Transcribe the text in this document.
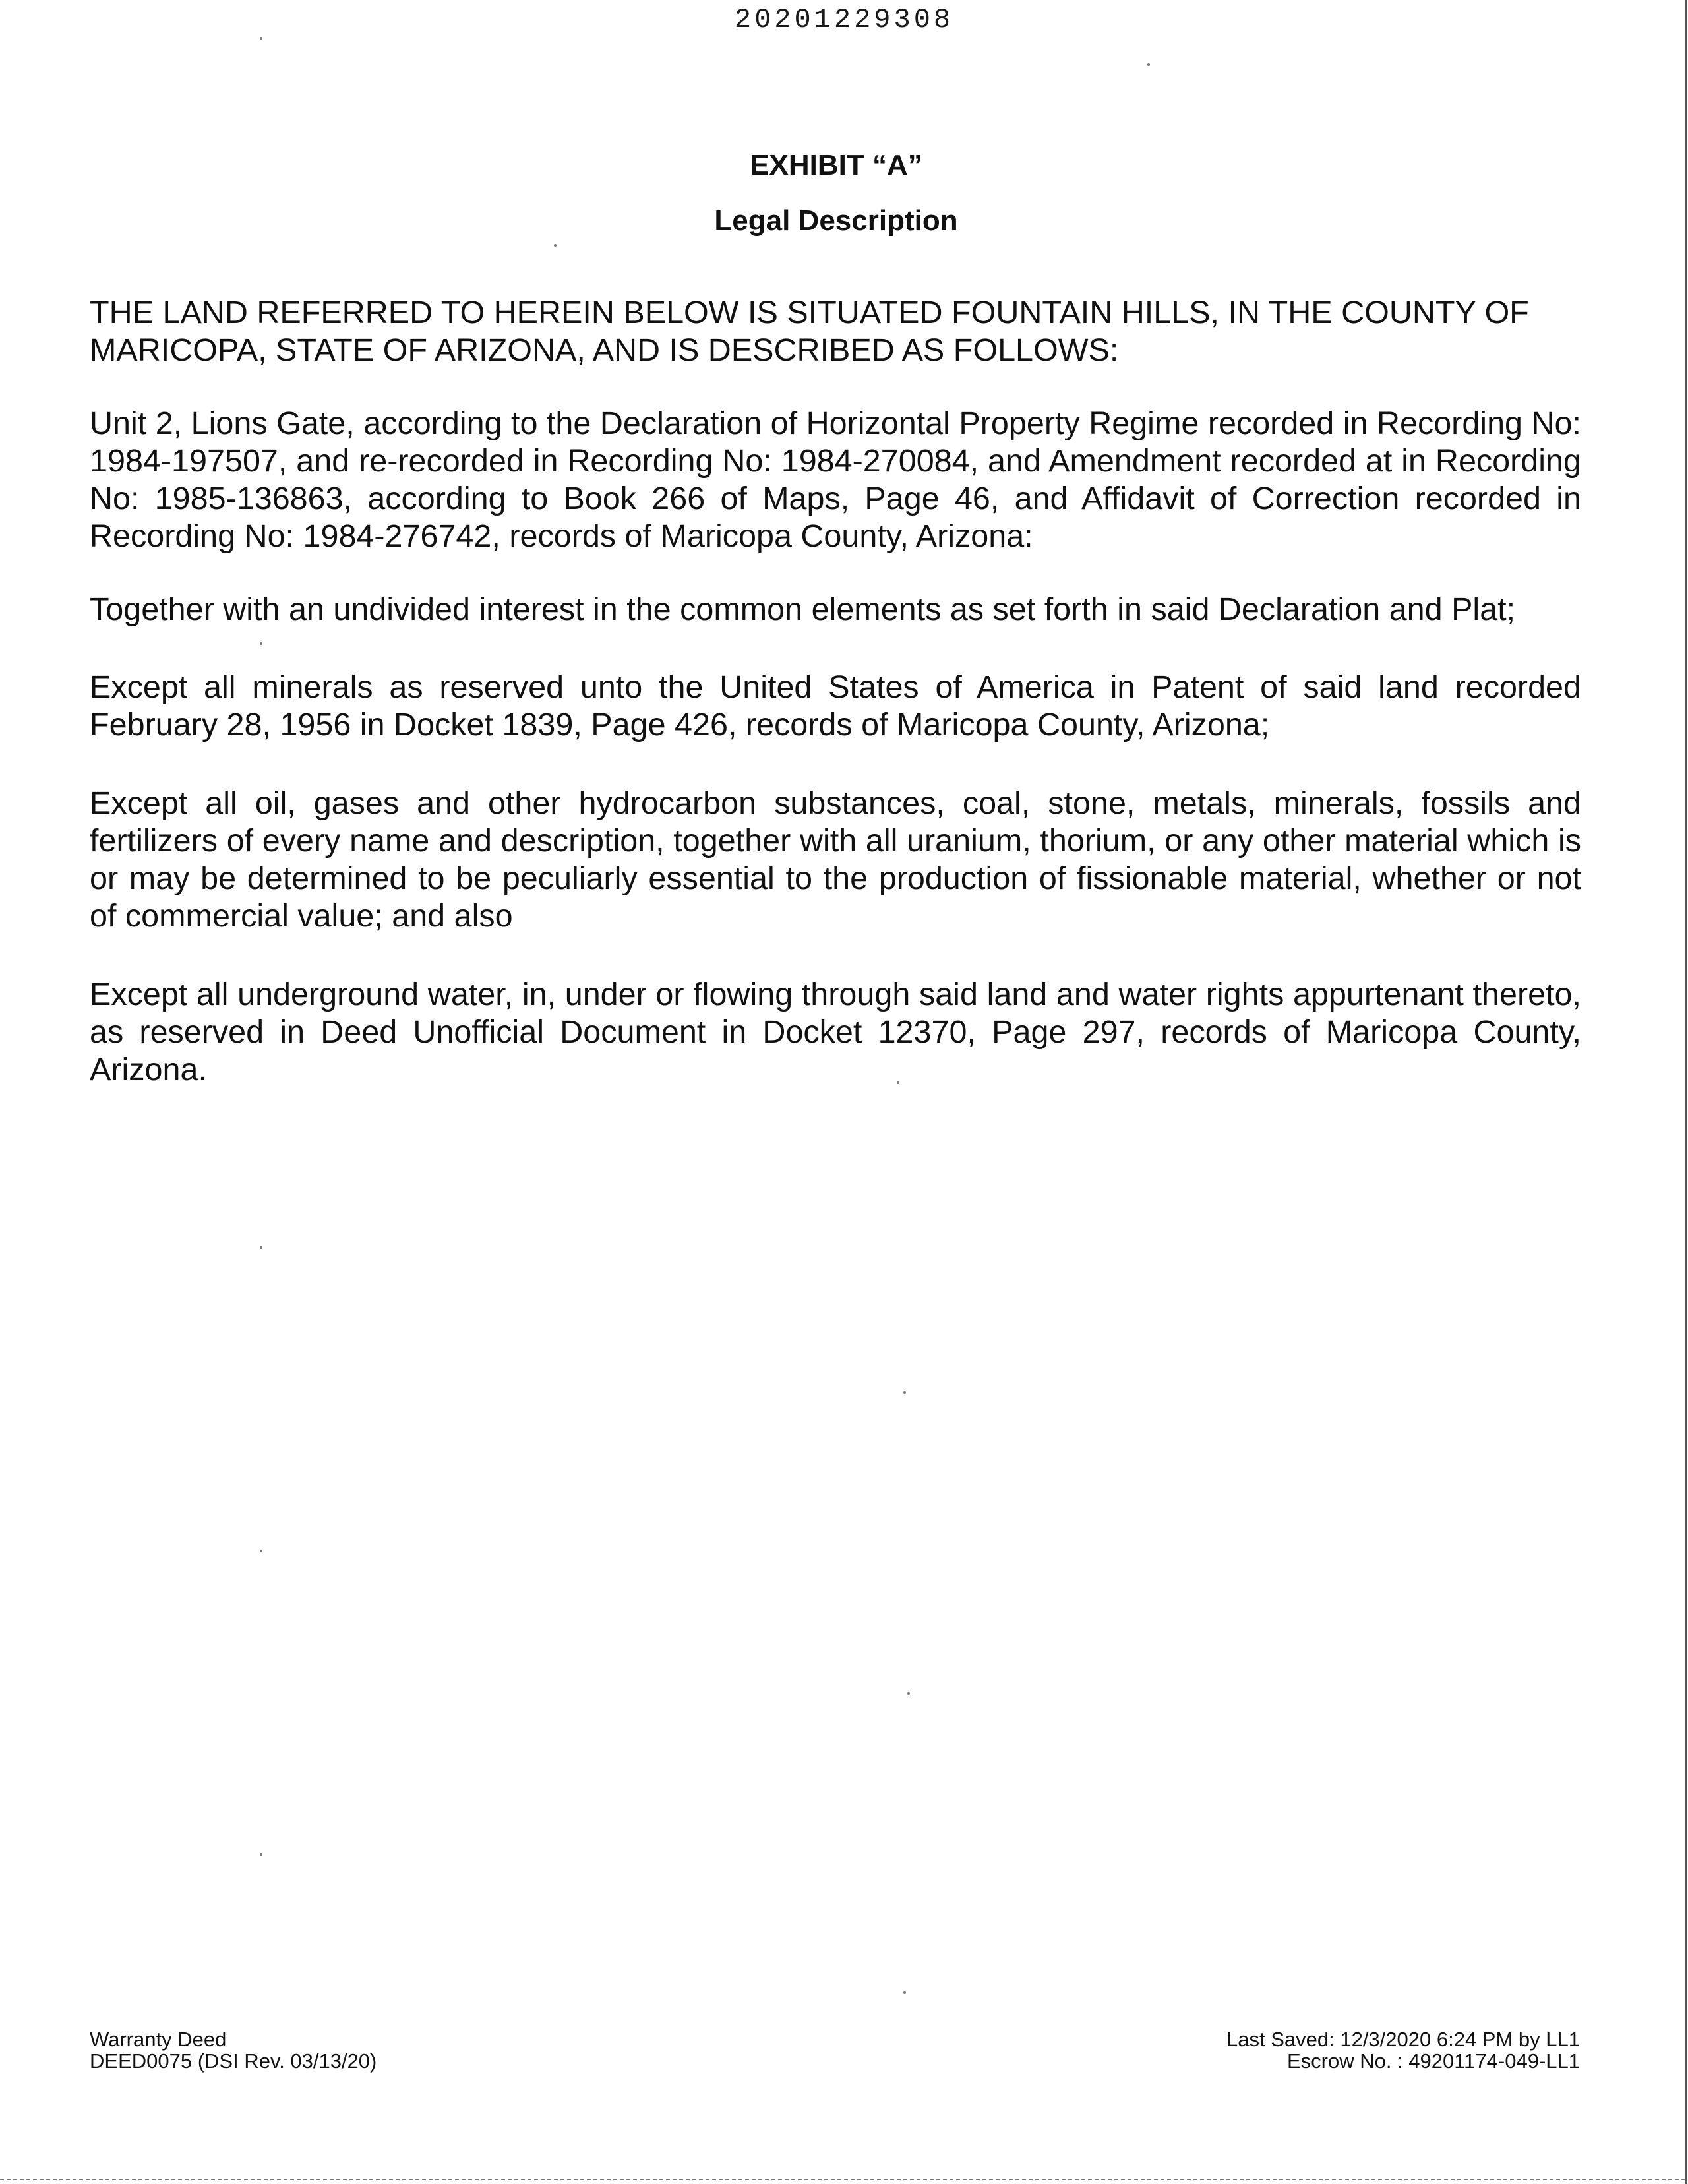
20201229308
EXHIBIT “A”
Legal Description

THE LAND REFERRED TO HEREIN BELOW IS SITUATED FOUNTAIN HILLS, IN THE COUNTY OF MARICOPA, STATE OF ARIZONA, AND IS DESCRIBED AS FOLLOWS:

Unit 2, Lions Gate, according to the Declaration of Horizontal Property Regime recorded in Recording No: 1984-197507, and re-recorded in Recording No: 1984-270084, and Amendment recorded at in Recording No: 1985-136863, according to Book 266 of Maps, Page 46, and Affidavit of Correction recorded in Recording No: 1984-276742, records of Maricopa County, Arizona:

Together with an undivided interest in the common elements as set forth in said Declaration and Plat;

Except all minerals as reserved unto the United States of America in Patent of said land recorded February 28, 1956 in Docket 1839, Page 426, records of Maricopa County, Arizona;

Except all oil, gases and other hydrocarbon substances, coal, stone, metals, minerals, fossils and fertilizers of every name and description, together with all uranium, thorium, or any other material which is or may be determined to be peculiarly essential to the production of fissionable material, whether or not of commercial value; and also

Except all underground water, in, under or flowing through said land and water rights appurtenant thereto, as reserved in Deed Unofficial Document in Docket 12370, Page 297, records of Maricopa County, Arizona.

Warranty Deed
DEED0075 (DSI Rev. 03/13/20)
Last Saved: 12/3/2020 6:24 PM by LL1
Escrow No. : 49201174-049-LL1
